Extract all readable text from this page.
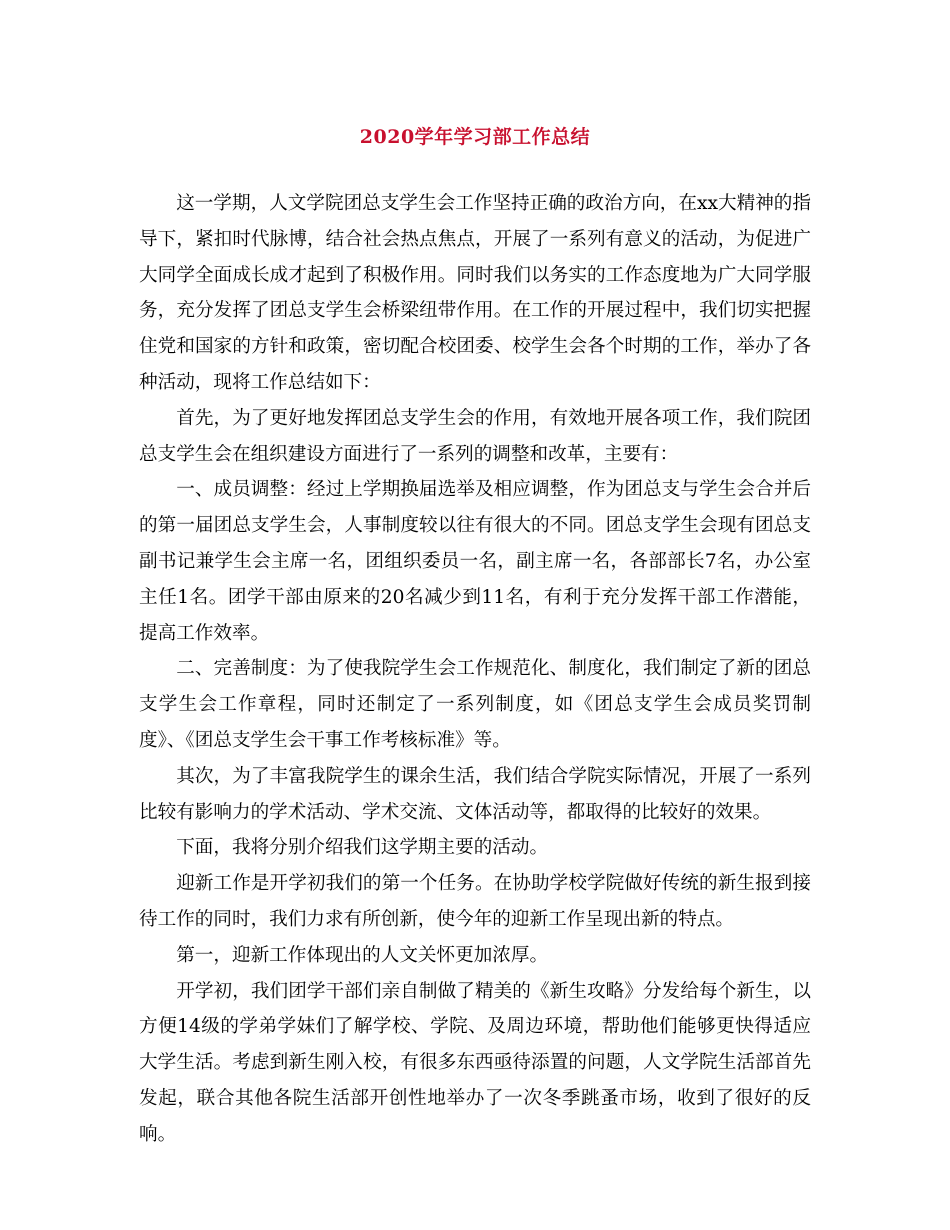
2020学年学习部工作总结

这一学期，人文学院团总支学生会工作坚持正确的政治方向，在xx大精神的指导下，紧扣时代脉博，结合社会热点焦点，开展了一系列有意义的活动，为促进广大同学全面成长成才起到了积极作用。同时我们以务实的工作态度地为广大同学服务，充分发挥了团总支学生会桥梁纽带作用。在工作的开展过程中，我们切实把握住党和国家的方针和政策，密切配合校团委、校学生会各个时期的工作，举办了各种活动，现将工作总结如下：

首先，为了更好地发挥团总支学生会的作用，有效地开展各项工作，我们院团总支学生会在组织建设方面进行了一系列的调整和改革，主要有：

一、成员调整：经过上学期换届选举及相应调整，作为团总支与学生会合并后的第一届团总支学生会，人事制度较以往有很大的不同。团总支学生会现有团总支副书记兼学生会主席一名，团组织委员一名，副主席一名，各部部长7名，办公室主任1名。团学干部由原来的20名减少到11名，有利于充分发挥干部工作潜能，提高工作效率。

二、完善制度：为了使我院学生会工作规范化、制度化，我们制定了新的团总支学生会工作章程，同时还制定了一系列制度，如《团总支学生会成员奖罚制度》、《团总支学生会干事工作考核标准》等。

其次，为了丰富我院学生的课余生活，我们结合学院实际情况，开展了一系列比较有影响力的学术活动、学术交流、文体活动等，都取得的比较好的效果。

下面，我将分别介绍我们这学期主要的活动。

迎新工作是开学初我们的第一个任务。在协助学校学院做好传统的新生报到接待工作的同时，我们力求有所创新，使今年的迎新工作呈现出新的特点。

第一，迎新工作体现出的人文关怀更加浓厚。

开学初，我们团学干部们亲自制做了精美的《新生攻略》分发给每个新生，以方便14级的学弟学妹们了解学校、学院、及周边环境，帮助他们能够更快得适应大学生活。考虑到新生刚入校，有很多东西亟待添置的问题，人文学院生活部首先发起，联合其他各院生活部开创性地举办了一次冬季跳蚤市场，收到了很好的反响。
